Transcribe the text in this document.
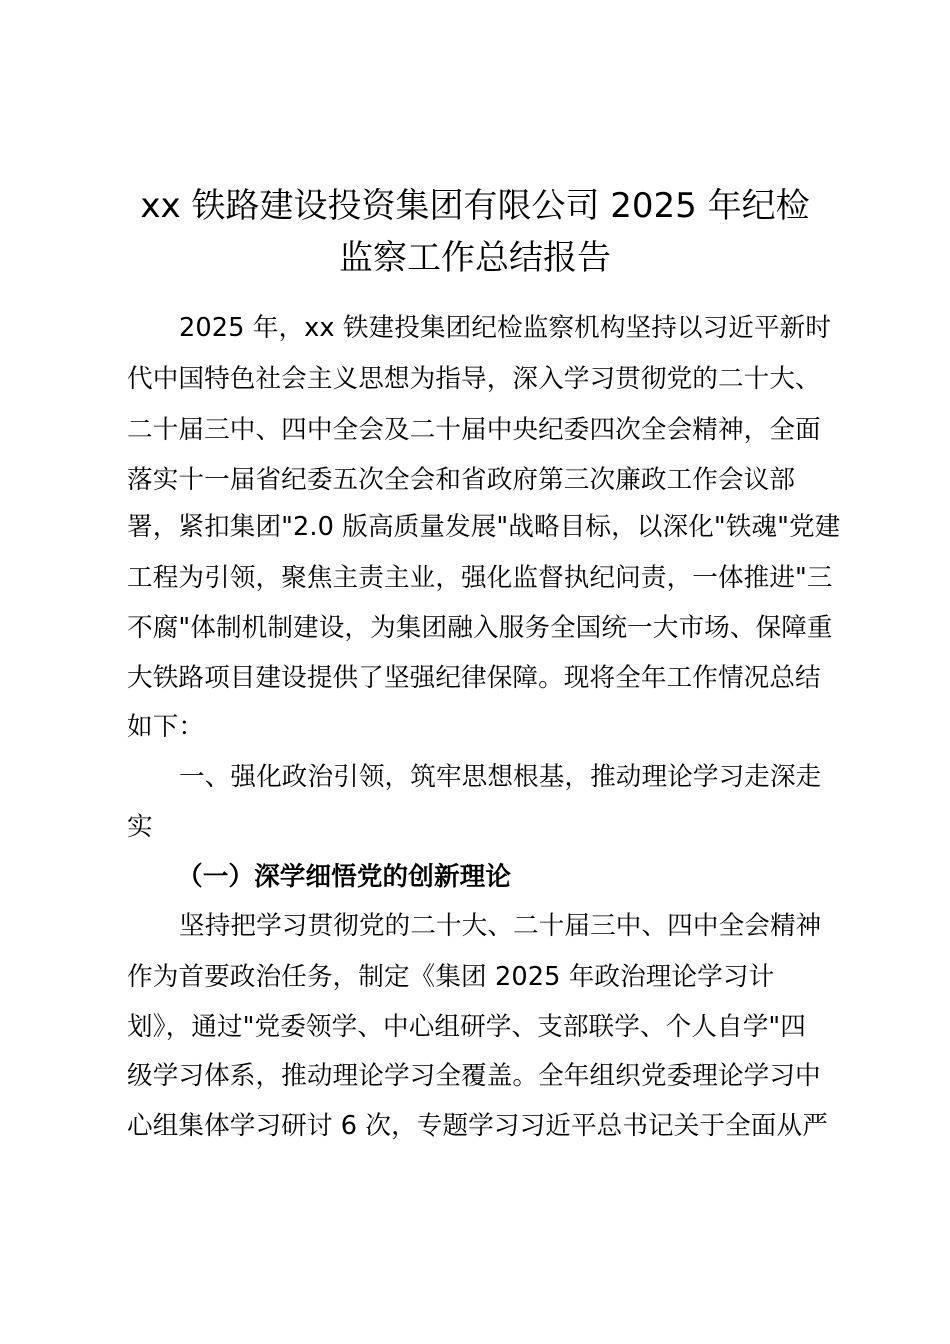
xx 铁路建设投资集团有限公司 2025 年纪检
监察工作总结报告
2025 年，xx 铁建投集团纪检监察机构坚持以习近平新时
代中国特色社会主义思想为指导，深入学习贯彻党的二十大、
二十届三中、四中全会及二十届中央纪委四次全会精神，全面
落实十一届省纪委五次全会和省政府第三次廉政工作会议部
署，紧扣集团"2.0 版高质量发展"战略目标，以深化"铁魂"党建
工程为引领，聚焦主责主业，强化监督执纪问责，一体推进"三
不腐"体制机制建设，为集团融入服务全国统一大市场、保障重
大铁路项目建设提供了坚强纪律保障。现将全年工作情况总结
如下：
一、强化政治引领，筑牢思想根基，推动理论学习走深走
实
（一）深学细悟党的创新理论
坚持把学习贯彻党的二十大、二十届三中、四中全会精神
作为首要政治任务，制定《集团 2025 年政治理论学习计
划》，通过"党委领学、中心组研学、支部联学、个人自学"四
级学习体系，推动理论学习全覆盖。全年组织党委理论学习中
心组集体学习研讨 6 次，专题学习习近平总书记关于全面从严
